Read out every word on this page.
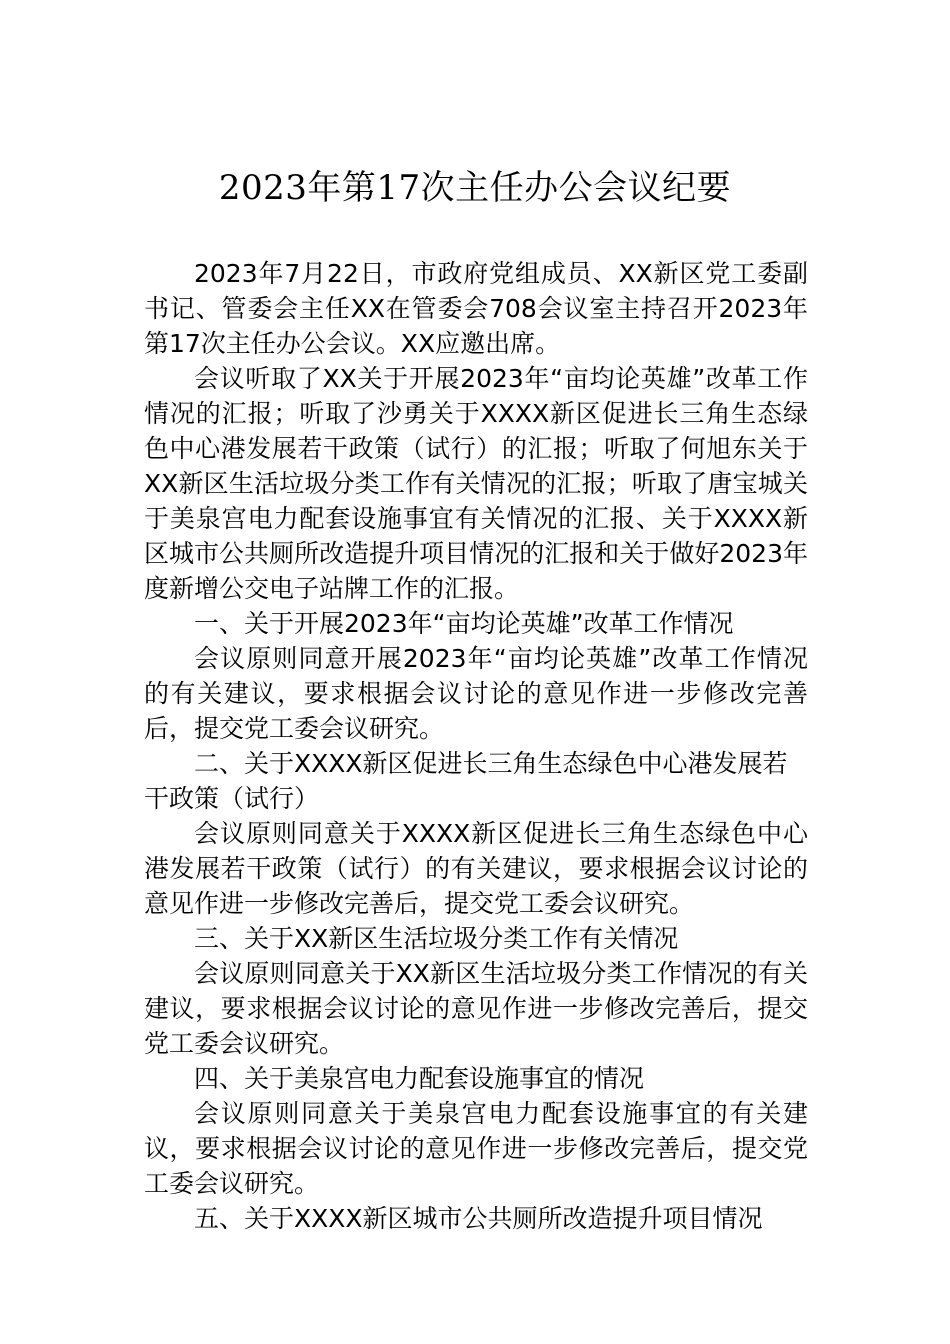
2023年第17次主任办公会议纪要

2023年7月22日，市政府党组成员、XX新区党工委副书记、管委会主任XX在管委会708会议室主持召开2023年第17次主任办公会议。XX应邀出席。

会议听取了XX关于开展2023年“亩均论英雄”改革工作情况的汇报；听取了沙勇关于XXXX新区促进长三角生态绿色中心港发展若干政策（试行）的汇报；听取了何旭东关于XX新区生活垃圾分类工作有关情况的汇报；听取了唐宝城关于美泉宫电力配套设施事宜有关情况的汇报、关于XXXX新区城市公共厕所改造提升项目情况的汇报和关于做好2023年度新增公交电子站牌工作的汇报。

一、关于开展2023年“亩均论英雄”改革工作情况

会议原则同意开展2023年“亩均论英雄”改革工作情况的有关建议，要求根据会议讨论的意见作进一步修改完善后，提交党工委会议研究。

二、关于XXXX新区促进长三角生态绿色中心港发展若干政策（试行）

会议原则同意关于XXXX新区促进长三角生态绿色中心港发展若干政策（试行）的有关建议，要求根据会议讨论的意见作进一步修改完善后，提交党工委会议研究。

三、关于XX新区生活垃圾分类工作有关情况

会议原则同意关于XX新区生活垃圾分类工作情况的有关建议，要求根据会议讨论的意见作进一步修改完善后，提交党工委会议研究。

四、关于美泉宫电力配套设施事宜的情况

会议原则同意关于美泉宫电力配套设施事宜的有关建议，要求根据会议讨论的意见作进一步修改完善后，提交党工委会议研究。

五、关于XXXX新区城市公共厕所改造提升项目情况
